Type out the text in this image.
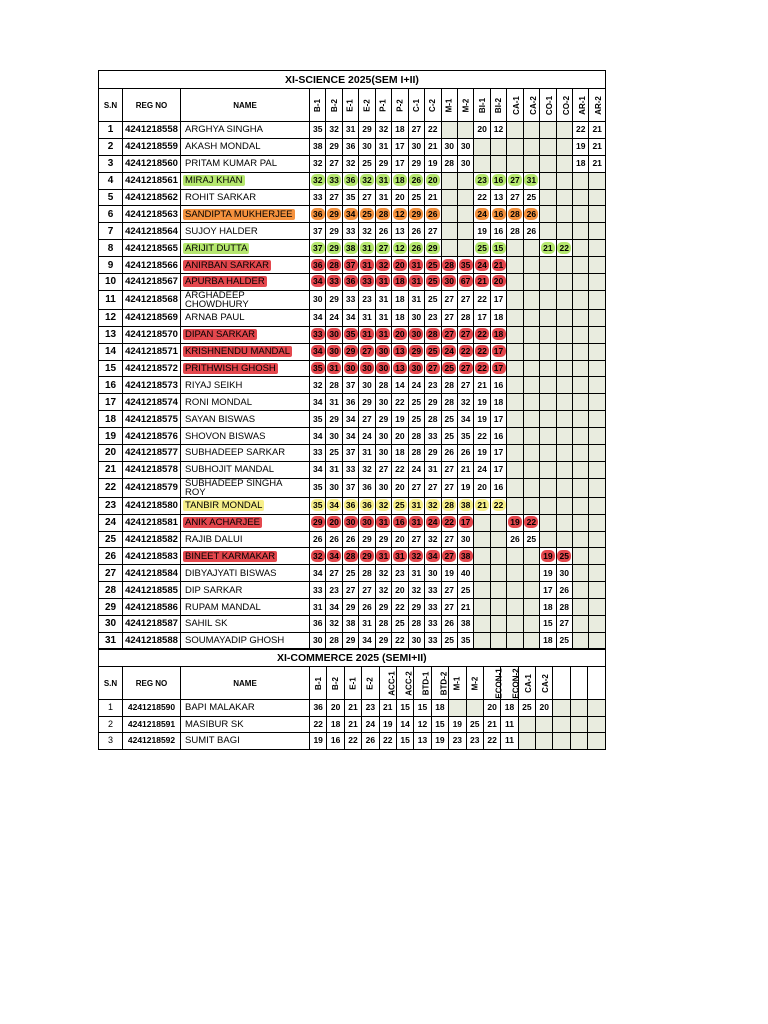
XI-SCIENCE 2025(SEM I+II)																				
S.N	REG NO	NAME	B-1	B-2	E-1	E-2	P-1	P-2	C-1	C-2	M-1	M-2	BI-1	BI-2	CA-1	CA-2	CO-1	CO-2	AR-1	AR-2
1	4241218558	ARGHYA SINGHA	35	32	31	29	32	18	27	22			20	12					22	21
2	4241218559	AKASH MONDAL	38	29	36	30	31	17	30	21	30	30							19	21
3	4241218560	PRITAM KUMAR PAL	32	27	32	25	29	17	29	19	28	30							18	21
4	4241218561	MIRAJ KHAN	32	33	36	32	31	18	26	20			23	16	27	31				
5	4241218562	ROHIT SARKAR	33	27	35	27	31	20	25	21			22	13	27	25				
6	4241218563	SANDIPTA MUKHERJEE	36	29	34	25	28	12	29	26			24	16	28	26				
7	4241218564	SUJOY HALDER	37	29	33	32	26	13	26	27			19	16	28	26				
8	4241218565	ARIJIT DUTTA	37	29	38	31	27	12	26	29			25	15			21	22		
9	4241218566	ANIRBAN SARKAR	36	28	37	31	32	20	31	25	28	35	24	21						
10	4241218567	APURBA HALDER	34	33	36	33	31	18	31	25	30	67	21	20						
11	4241218568	ARGHADEEP CHOWDHURY	30	29	33	23	31	18	31	25	27	27	22	17						
12	4241218569	ARNAB PAUL	34	24	34	31	31	18	30	23	27	28	17	18						
13	4241218570	DIPAN SARKAR	33	30	35	31	31	20	30	28	27	27	22	18						
14	4241218571	KRISHNENDU MANDAL	34	30	29	27	30	13	29	25	24	22	22	17						
15	4241218572	PRITHWISH GHOSH	35	31	30	30	30	13	30	27	25	27	22	17						
16	4241218573	RIYAJ SEIKH	32	28	37	30	28	14	24	23	28	27	21	16						
17	4241218574	RONI MONDAL	34	31	36	29	30	22	25	29	28	32	19	18						
18	4241218575	SAYAN BISWAS	35	29	34	27	29	19	25	28	25	34	19	17						
19	4241218576	SHOVON BISWAS	34	30	34	24	30	20	28	33	25	35	22	16						
20	4241218577	SUBHADEEP SARKAR	33	25	37	31	30	18	28	29	26	26	19	17						
21	4241218578	SUBHOJIT MANDAL	34	31	33	32	27	22	24	31	27	21	24	17						
22	4241218579	SUBHADEEP SINGHA ROY	35	30	37	36	30	20	27	27	27	19	20	16						
23	4241218580	TANBIR MONDAL	35	34	36	36	32	25	31	32	28	38	21	22						
24	4241218581	ANIK ACHARJEE	29	20	30	30	31	16	31	24	22	17			19	22				
25	4241218582	RAJIB DALUI	26	26	26	29	29	20	27	32	27	30			26	25				
26	4241218583	BINEET KARMAKAR	32	34	28	29	31	31	32	34	27	38					19	25		
27	4241218584	DIBYAJYATI BISWAS	34	27	25	28	32	23	31	30	19	40					19	30		
28	4241218585	DIP SARKAR	33	23	27	27	32	20	32	33	27	25					17	26		
29	4241218586	RUPAM MANDAL	31	34	29	26	29	22	29	33	27	21					18	28		
30	4241218587	SAHIL SK	36	32	38	31	28	25	28	33	26	38					15	27		
31	4241218588	SOUMAYADIP GHOSH	30	28	29	34	29	22	30	33	25	35					18	25		
XI-COMMERCE 2025 (SEMI+II)																			
S.N	REG NO	NAME	B-1	B-2	E-1	E-2	ACC-1	ACC-2	BTD-1	BTD-2	M-1	M-2	ECON-1	ECON-2	CA-1	CA-2			
1	4241218590	BAPI MALAKAR	36	20	21	23	21	15	15	18			20	18	25	20			
2	4241218591	MASIBUR SK	22	18	21	24	19	14	12	15	19	25	21	11					
3	4241218592	SUMIT BAGI	19	16	22	26	22	15	13	19	23	23	22	11					
